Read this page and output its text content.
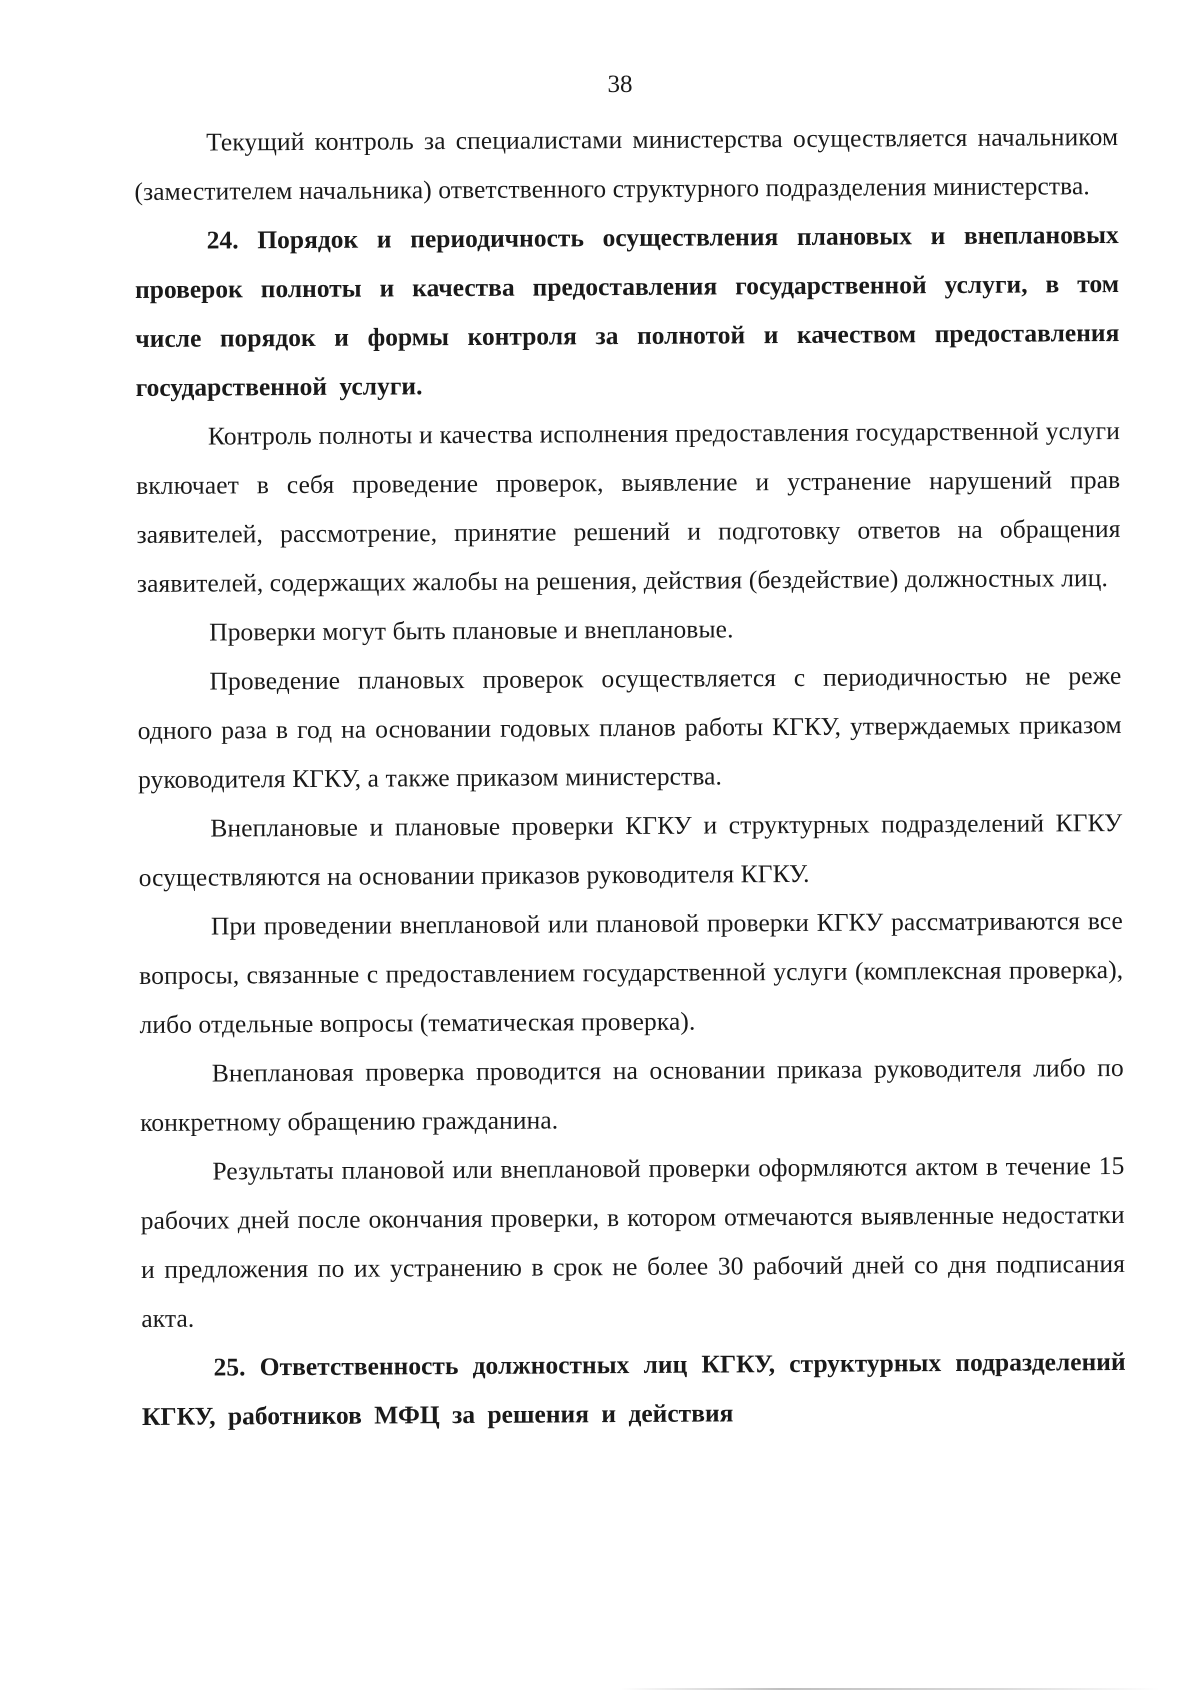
38

Текущий контроль за специалистами министерства осуществляется начальником (заместителем начальника) ответственного структурного подразделения министерства.

24. Порядок и периодичность осуществления плановых и внеплановых проверок полноты и качества предоставления государственной услуги, в том числе порядок и формы контроля за полнотой и качеством предоставления государственной услуги.

Контроль полноты и качества исполнения предоставления государственной услуги включает в себя проведение проверок, выявление и устранение нарушений прав заявителей, рассмотрение, принятие решений и подготовку ответов на обращения заявителей, содержащих жалобы на решения, действия (бездействие) должностных лиц.

Проверки могут быть плановые и внеплановые.

Проведение плановых проверок осуществляется с периодичностью не реже одного раза в год на основании годовых планов работы КГКУ, утверждаемых приказом руководителя КГКУ, а также приказом министерства.

Внеплановые и плановые проверки КГКУ и структурных подразделений КГКУ осуществляются на основании приказов руководителя КГКУ.

При проведении внеплановой или плановой проверки КГКУ рассматриваются все вопросы, связанные с предоставлением государственной услуги (комплексная проверка), либо отдельные вопросы (тематическая проверка).

Внеплановая проверка проводится на основании приказа руководителя либо по конкретному обращению гражданина.

Результаты плановой или внеплановой проверки оформляются актом в течение 15 рабочих дней после окончания проверки, в котором отмечаются выявленные недостатки и предложения по их устранению в срок не более 30 рабочий дней со дня подписания акта.

25. Ответственность должностных лиц КГКУ, структурных подразделений КГКУ, работников МФЦ за решения и действия
